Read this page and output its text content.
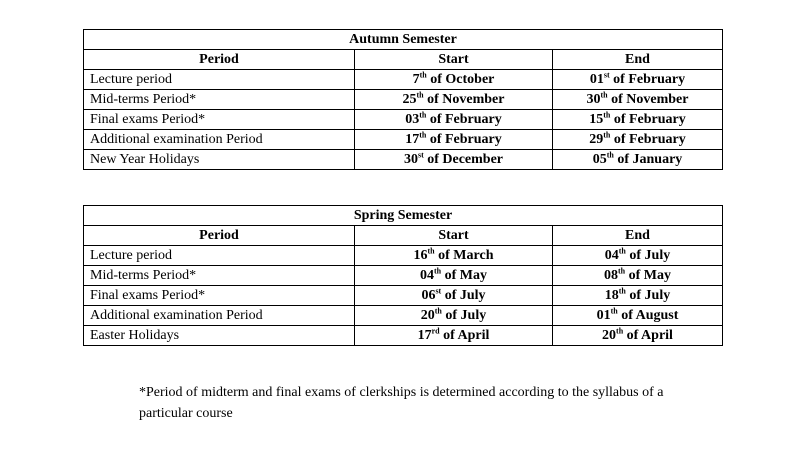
Autumn Semester		
Period	Start	End
Lecture period	7th of October	01st of February
Mid-terms Period*	25th of November	30th of November
Final exams Period*	03th of February	15th of February
Additional examination Period	17th of February	29th of February
New Year Holidays	30st of December	05th of January
Spring Semester		
Period	Start	End
Lecture period	16th of March	04th of July
Mid-terms Period*	04th of May	08th of May
Final exams Period*	06st of July	18th of July
Additional examination Period	20th of July	01th of August
Easter Holidays	17rd of April	20th of April
*Period of midterm and final exams of clerkships is determined according to the syllabus of a
particular course
